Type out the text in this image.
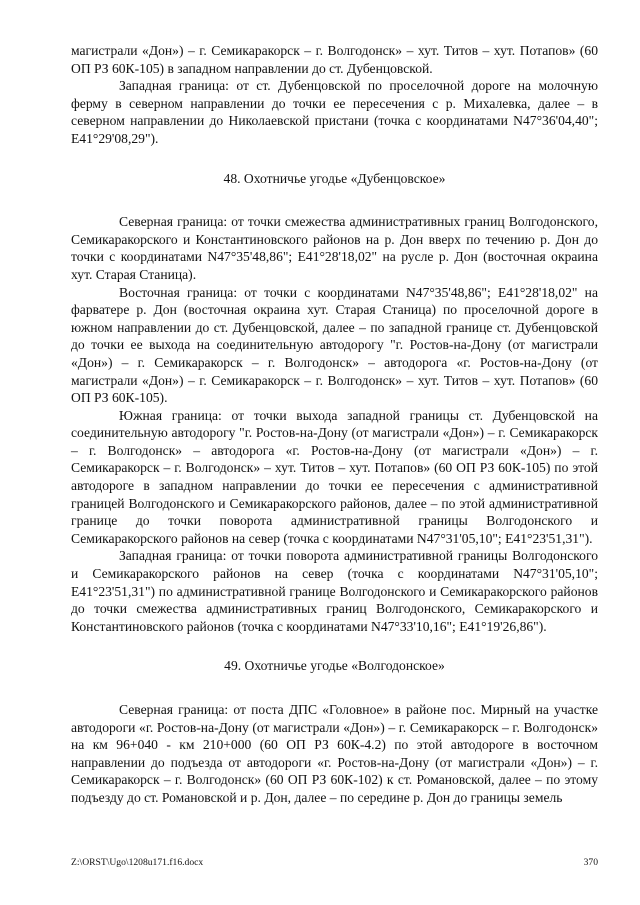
магистрали «Дон») – г. Семикаракорск – г. Волгодонск» – хут. Титов – хут. Потапов» (60 ОП РЗ 60К-105) в западном направлении до ст. Дубенцовской.

Западная граница: от ст. Дубенцовской по проселочной дороге на молочную ферму в северном направлении до точки ее пересечения с р. Михалевка, далее – в северном направлении до Николаевской пристани (точка с координатами N47°36'04,40"; E41°29'08,29").

48. Охотничье угодье «Дубенцовское»

Северная граница: от точки смежества административных границ Волгодонского, Семикаракорского и Константиновского районов на р. Дон вверх по течению р. Дон до точки с координатами N47°35'48,86"; E41°28'18,02" на русле р. Дон (восточная окраина хут. Старая Станица).

Восточная граница: от точки с координатами N47°35'48,86"; E41°28'18,02" на фарватере р. Дон (восточная окраина хут. Старая Станица) по проселочной дороге в южном направлении до ст. Дубенцовской, далее – по западной границе ст. Дубенцовской до точки ее выхода на соединительную автодорогу "г. Ростов-на-Дону (от магистрали «Дон») – г. Семикаракорск – г. Волгодонск» – автодорога «г. Ростов-на-Дону (от магистрали «Дон») – г. Семикаракорск – г. Волгодонск» – хут. Титов – хут. Потапов» (60 ОП РЗ 60К-105).

Южная граница: от точки выхода западной границы ст. Дубенцовской на соединительную автодорогу "г. Ростов-на-Дону (от магистрали «Дон») – г. Семикаракорск – г. Волгодонск» – автодорога «г. Ростов-на-Дону (от магистрали «Дон») – г. Семикаракорск – г. Волгодонск» – хут. Титов – хут. Потапов» (60 ОП РЗ 60К-105) по этой автодороге в западном направлении до точки ее пересечения с административной границей Волгодонского и Семикаракорского районов, далее – по этой административной границе до точки поворота административной границы Волгодонского и Семикаракорского районов на север (точка с координатами N47°31'05,10"; E41°23'51,31").

Западная граница: от точки поворота административной границы Волгодонского и Семикаракорского районов на север (точка с координатами N47°31'05,10"; E41°23'51,31") по административной границе Волгодонского и Семикаракорского районов до точки смежества административных границ Волгодонского, Семикаракорского и Константиновского районов (точка с координатами N47°33'10,16"; E41°19'26,86").

49. Охотничье угодье «Волгодонское»

Северная граница: от поста ДПС «Головное» в районе пос. Мирный на участке автодороги «г. Ростов-на-Дону (от магистрали «Дон») – г. Семикаракорск – г. Волгодонск» на км 96+040 - км 210+000 (60 ОП РЗ 60К-4.2) по этой автодороге в восточном направлении до подъезда от автодороги «г. Ростов-на-Дону (от магистрали «Дон») – г. Семикаракорск – г. Волгодонск» (60 ОП РЗ 60К-102) к ст. Романовской, далее – по этому подъезду до ст. Романовской и р. Дон, далее – по середине р. Дон до границы земель

Z:\ORST\Ugo\1208u171.f16.docx	370
